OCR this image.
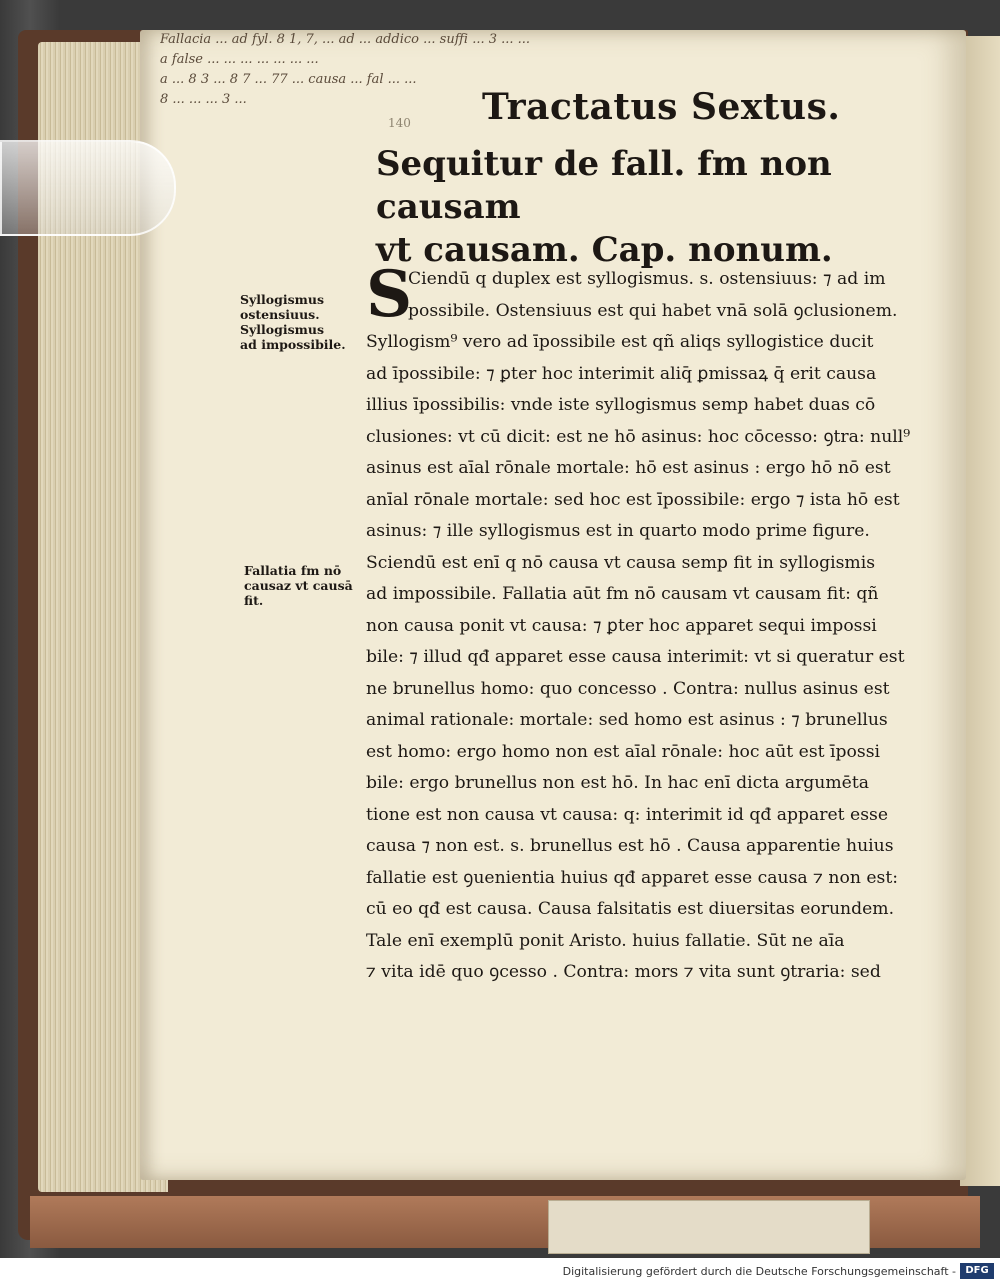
Fallacia ... ad fyl. 8 1, 7, ... ad ... addico ... suffi ... 3 ... ...
a false ... ... ... ... ... ... ...
a ... 8 3 ... 8 7 ... 77 ... causa ... fal ... ...
8 ... ... ... 3 ...	Tractatus Sextus.
140
Sequitur de fall. fm non causam
vt causam. Cap. nonum.
Syllogismus
ostensiuus.
Syllogismus
ad impossibile.
Fallatia fm nō
causaz vt causā
fit.
S
Ciendū q duplex est syllogismus. s. ostensiuus: ⁊ ad im
possibile. Ostensiuus est qui habet vnā solā ꝯclusionem.
Syllogism⁹ vero ad īpossibile est qñ aliqs syllogistice ducit
ad īpossibile: ⁊ ꝑter hoc interimit aliq̄ ꝑmissaꝝ q̄ erit causa
illius īpossibilis: vnde iste syllogismus semp habet duas cō
clusiones: vt cū dicit: est ne hō asinus: hoc cōcesso: ꝯtra: null⁹
asinus est aīal rōnale mortale: hō est asinus : ergo hō nō est
anīal rōnale mortale: sed hoc est īpossibile: ergo ⁊ ista hō est
asinus: ⁊ ille syllogismus est in quarto modo prime figure.
Sciendū est enī q nō causa vt causa semp fit in syllogismis
ad impossibile. Fallatia aūt fm nō causam vt causam fit: qñ
non causa ponit vt causa: ⁊ ꝑter hoc apparet sequi impossi
bile: ⁊ illud qđ apparet esse causa interimit: vt si queratur est
ne brunellus homo: quo concesso . Contra: nullus asinus est
animal rationale: mortale: sed homo est asinus : ⁊ brunellus
est homo: ergo homo non est aīal rōnale: hoc aūt est īpossi
bile: ergo brunellus non est hō. In hac enī dicta argumēta
tione est non causa vt causa: q: interimit id qđ apparet esse
causa ⁊ non est. s. brunellus est hō . Causa apparentie huius
fallatie est ꝯuenientia huius qđ apparet esse causa ⁊ non est:
cū eo qđ est causa. Causa falsitatis est diuersitas eorundem.
Tale enī exemplū ponit Aristo. huius fallatie. Sūt ne aīa
⁊ vita idē quo ꝯcesso . Contra: mors ⁊ vita sunt ꝯtraria: sed
Digitalisierung gefördert durch die Deutsche Forschungsgemeinschaft - DFG
